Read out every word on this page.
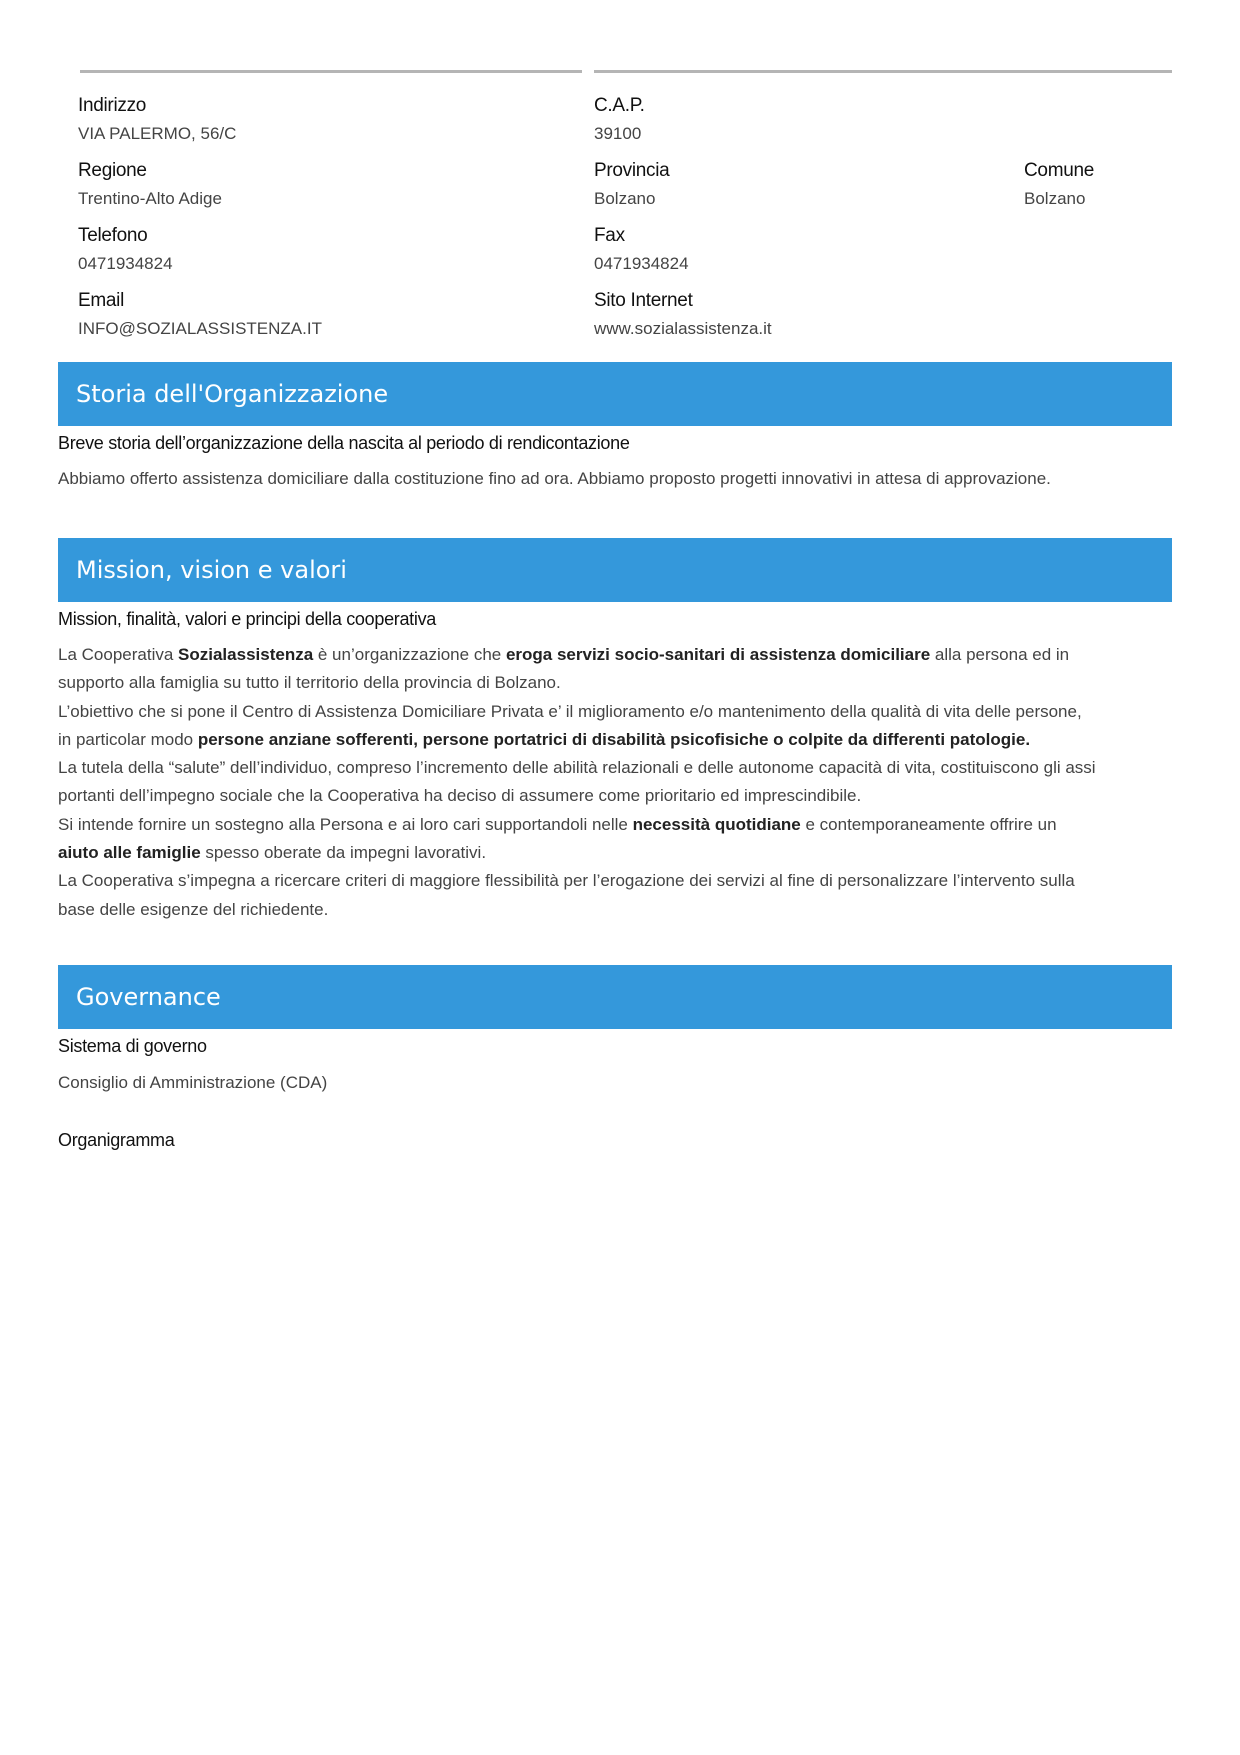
Indirizzo
VIA PALERMO, 56/C
C.A.P.
39100
Regione
Trentino-Alto Adige
Provincia
Bolzano
Comune
Bolzano
Telefono
0471934824
Fax
0471934824
Email
INFO@SOZIALASSISTENZA.IT
Sito Internet
www.sozialassistenza.it
Storia dell'Organizzazione
Breve storia dell’organizzazione della nascita al periodo di rendicontazione

Abbiamo offerto assistenza domiciliare dalla costituzione fino ad ora. Abbiamo proposto progetti innovativi in attesa di approvazione.

Mission, vision e valori
Mission, finalità, valori e principi della cooperativa

La Cooperativa Sozialassistenza è un’organizzazione che eroga servizi socio-sanitari di assistenza domiciliare alla persona ed in supporto alla famiglia su tutto il territorio della provincia di Bolzano.

L’obiettivo che si pone il Centro di Assistenza Domiciliare Privata e’ il miglioramento e/o mantenimento della qualità di vita delle persone, in particolar modo persone anziane sofferenti, persone portatrici di disabilità psicofisiche o colpite da differenti patologie.

La tutela della “salute” dell’individuo, compreso l’incremento delle abilità relazionali e delle autonome capacità di vita, costituiscono gli assi portanti dell’impegno sociale che la Cooperativa ha deciso di assumere come prioritario ed imprescindibile.

Si intende fornire un sostegno alla Persona e ai loro cari supportandoli nelle necessità quotidiane e contemporaneamente offrire un aiuto alle famiglie spesso oberate da impegni lavorativi.

La Cooperativa s’impegna a ricercare criteri di maggiore flessibilità per l’erogazione dei servizi al fine di personalizzare l’intervento sulla base delle esigenze del richiedente.

Governance
Sistema di governo

Consiglio di Amministrazione (CDA)

Organigramma
